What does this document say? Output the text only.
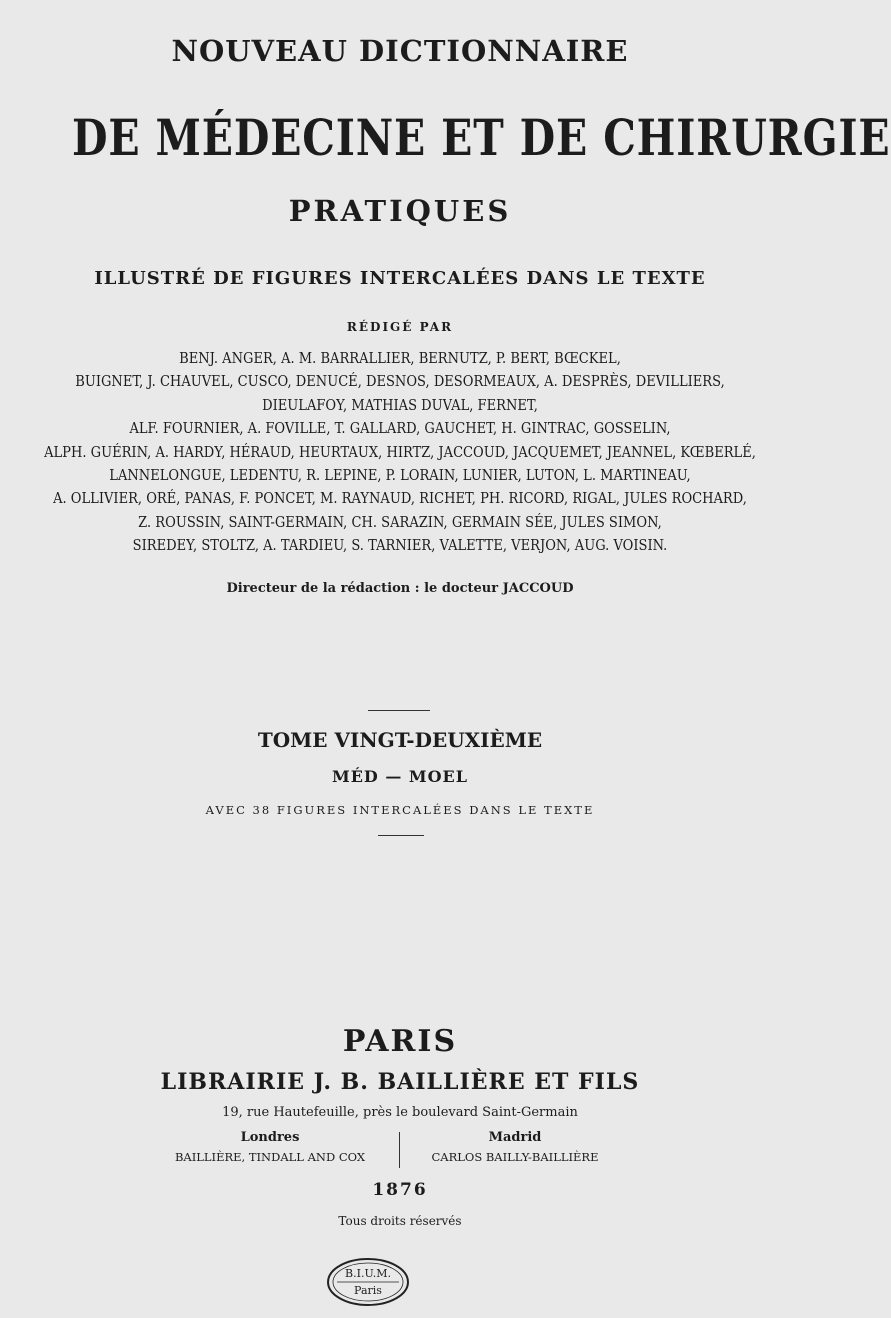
NOUVEAU DICTIONNAIRE
DE MÉDECINE ET DE CHIRURGIE
PRATIQUES
ILLUSTRÉ DE FIGURES INTERCALÉES DANS LE TEXTE
RÉDIGÉ PAR
BENJ. ANGER, A. M. BARRALLIER, BERNUTZ, P. BERT, BŒCKEL,
BUIGNET, J. CHAUVEL, CUSCO, DENUCÉ, DESNOS, DESORMEAUX, A. DESPRÈS, DEVILLIERS,
DIEULAFOY, MATHIAS DUVAL, FERNET,
ALF. FOURNIER, A. FOVILLE, T. GALLARD, GAUCHET, H. GINTRAC, GOSSELIN,
ALPH. GUÉRIN, A. HARDY, HÉRAUD, HEURTAUX, HIRTZ, JACCOUD, JACQUEMET, JEANNEL, KŒBERLÉ,
LANNELONGUE, LEDENTU, R. LEPINE, P. LORAIN, LUNIER, LUTON, L. MARTINEAU,
A. OLLIVIER, ORÉ, PANAS, F. PONCET, M. RAYNAUD, RICHET, PH. RICORD, RIGAL, JULES ROCHARD,
Z. ROUSSIN, SAINT-GERMAIN, CH. SARAZIN, GERMAIN SÉE, JULES SIMON,
SIREDEY, STOLTZ, A. TARDIEU, S. TARNIER, VALETTE, VERJON, AUG. VOISIN.
Directeur de la rédaction : le docteur JACCOUD
TOME VINGT-DEUXIÈME
MÉD — MOEL
AVEC 38 FIGURES INTERCALÉES DANS LE TEXTE
PARIS
LIBRAIRIE J. B. BAILLIÈRE ET FILS
19, rue Hautefeuille, près le boulevard Saint-Germain
Londres
BAILLIÈRE, TINDALL AND COX
Madrid
CARLOS BAILLY-BAILLIÈRE
1876
Tous droits réservés
B.I.U.M.
Paris
